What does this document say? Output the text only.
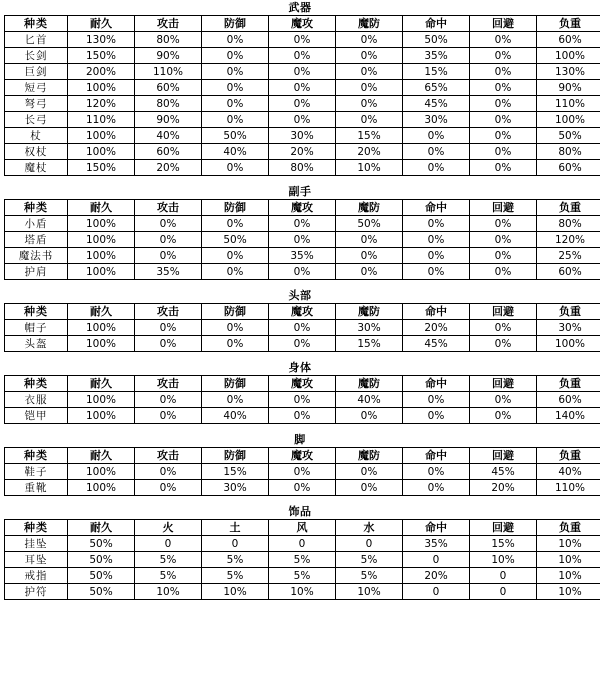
武器
种类	耐久	攻击	防御	魔攻	魔防	命中	回避	负重
匕首	130%	80%	0%	0%	0%	50%	0%	60%
长剑	150%	90%	0%	0%	0%	35%	0%	100%
巨剑	200%	110%	0%	0%	0%	15%	0%	130%
短弓	100%	60%	0%	0%	0%	65%	0%	90%
弩弓	120%	80%	0%	0%	0%	45%	0%	110%
长弓	110%	90%	0%	0%	0%	30%	0%	100%
杖	100%	40%	50%	30%	15%	0%	0%	50%
权杖	100%	60%	40%	20%	20%	0%	0%	80%
魔杖	150%	20%	0%	80%	10%	0%	0%	60%
副手
种类	耐久	攻击	防御	魔攻	魔防	命中	回避	负重
小盾	100%	0%	0%	0%	50%	0%	0%	80%
塔盾	100%	0%	50%	0%	0%	0%	0%	120%
魔法书	100%	0%	0%	35%	0%	0%	0%	25%
护肩	100%	35%	0%	0%	0%	0%	0%	60%
头部
种类	耐久	攻击	防御	魔攻	魔防	命中	回避	负重
帽子	100%	0%	0%	0%	30%	20%	0%	30%
头盔	100%	0%	0%	0%	15%	45%	0%	100%
身体
种类	耐久	攻击	防御	魔攻	魔防	命中	回避	负重
衣服	100%	0%	0%	0%	40%	0%	0%	60%
铠甲	100%	0%	40%	0%	0%	0%	0%	140%
脚
种类	耐久	攻击	防御	魔攻	魔防	命中	回避	负重
鞋子	100%	0%	15%	0%	0%	0%	45%	40%
重靴	100%	0%	30%	0%	0%	0%	20%	110%
饰品
种类	耐久	火	土	风	水	命中	回避	负重
挂坠	50%	0	0	0	0	35%	15%	10%
耳坠	50%	5%	5%	5%	5%	0	10%	10%
戒指	50%	5%	5%	5%	5%	20%	0	10%
护符	50%	10%	10%	10%	10%	0	0	10%
